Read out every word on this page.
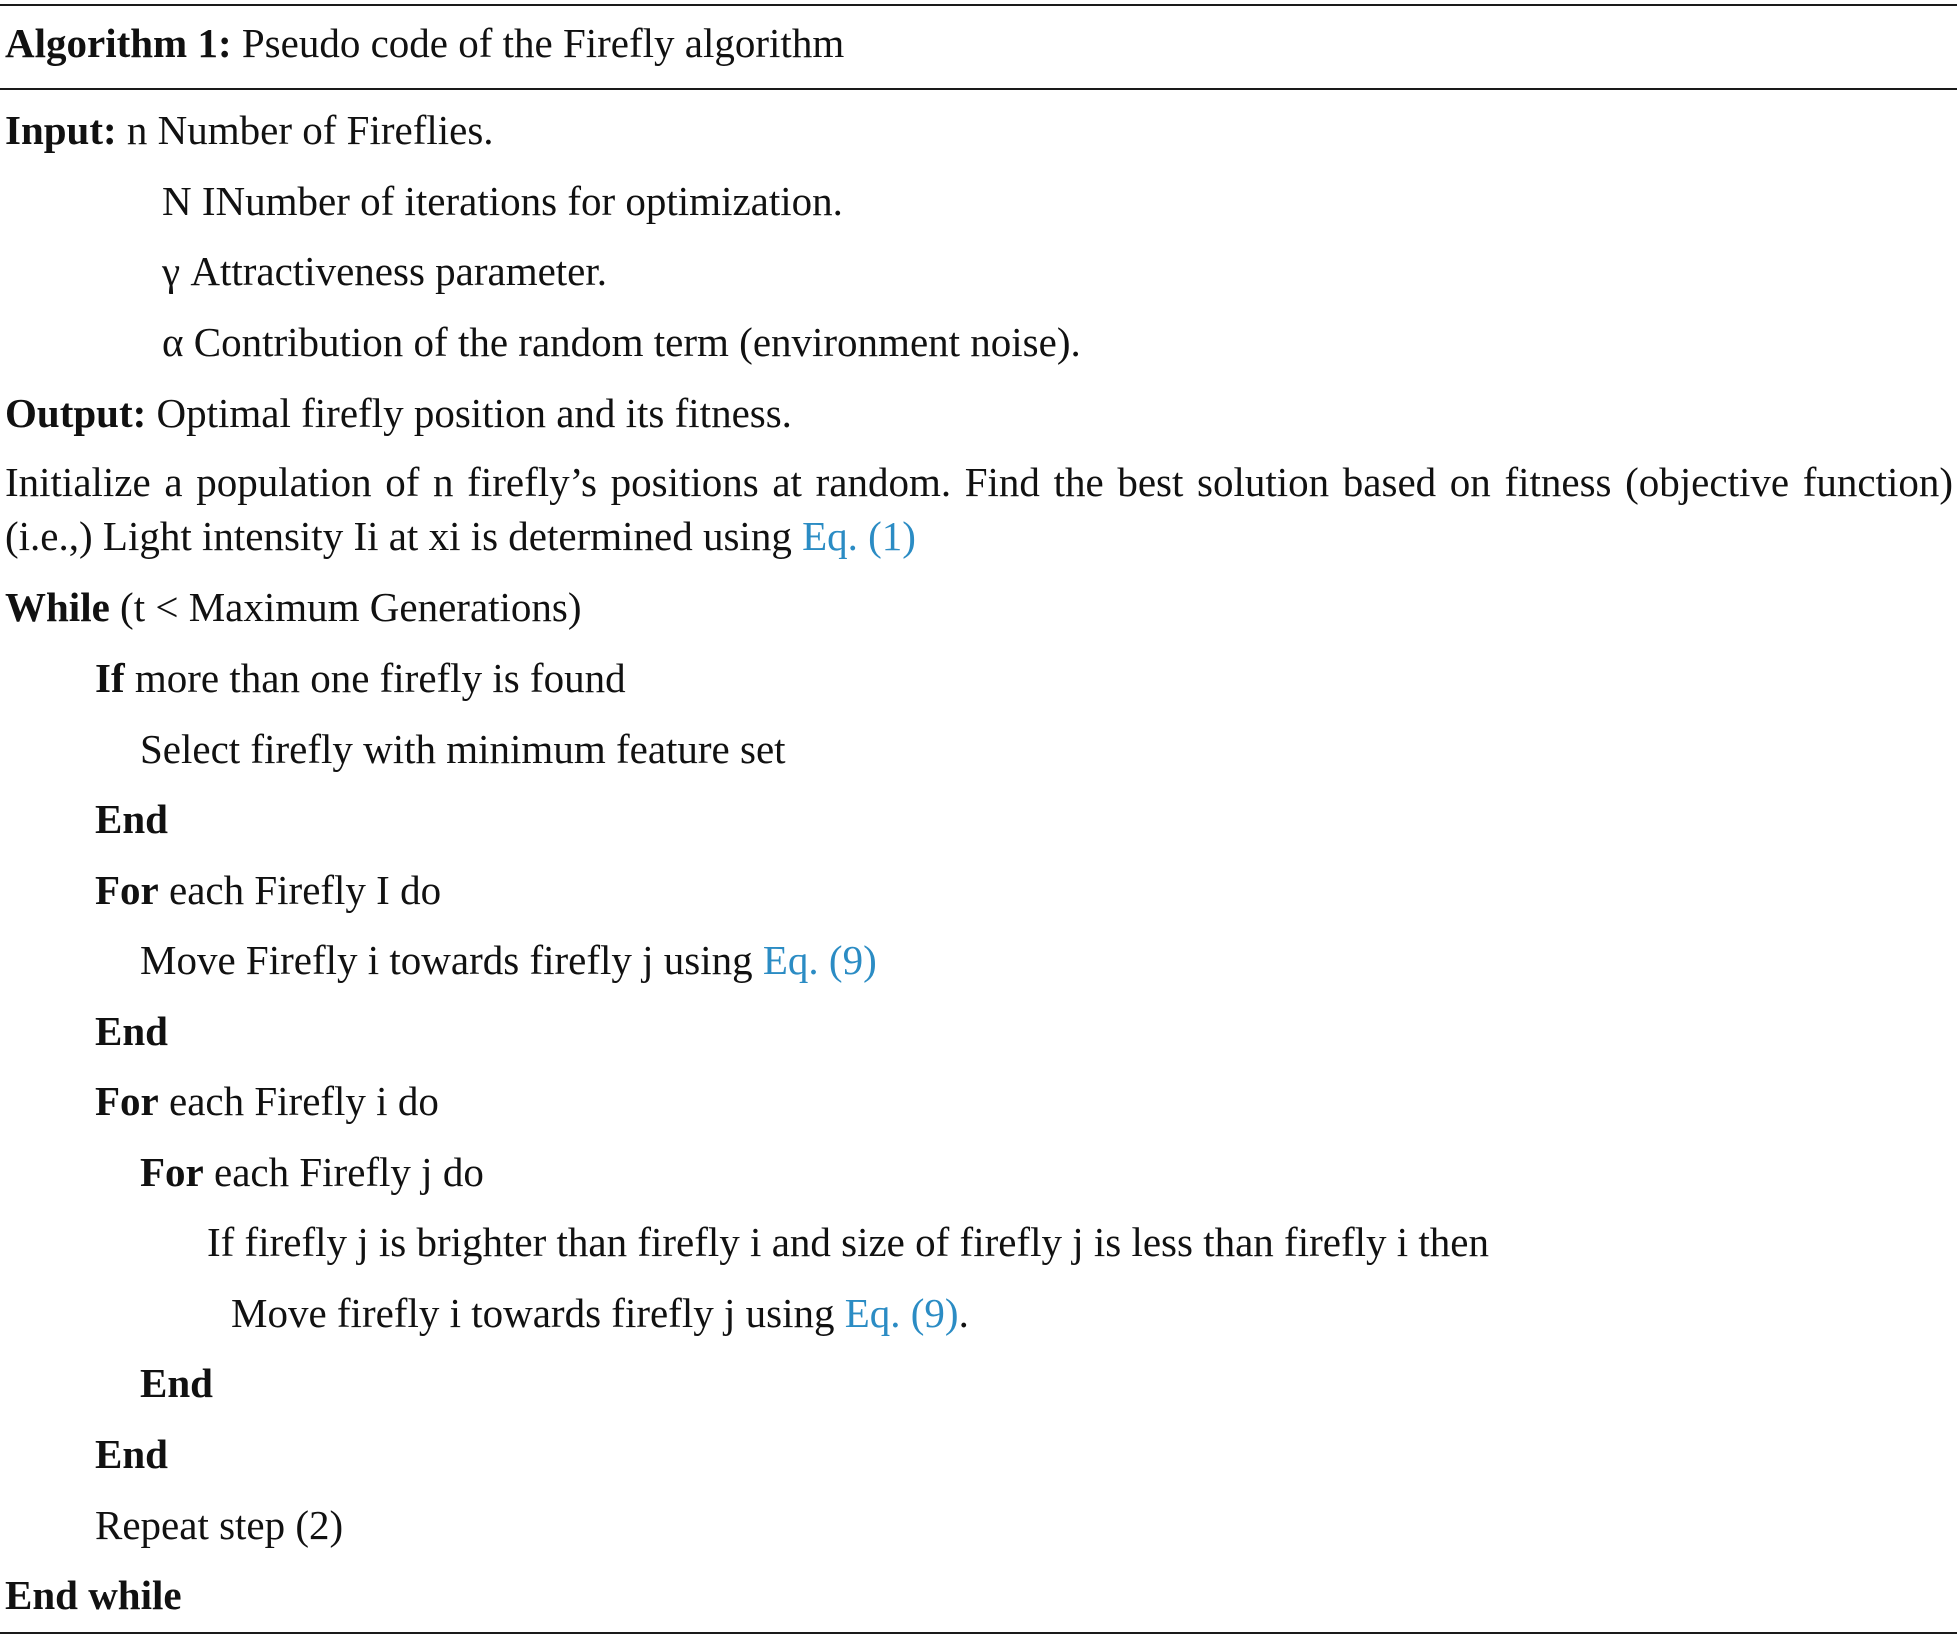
Algorithm 1: Pseudo code of the Firefly algorithm
Input: n Number of Fireflies.
N INumber of iterations for optimization.
γ Attractiveness parameter.
α Contribution of the random term (environment noise).
Output: Optimal firefly position and its fitness.
Initialize a population of n firefly’s positions at random. Find the best solution based on fitness (objective function) (i.e.,) Light intensity Ii at xi is determined using Eq. (1)
While (t < Maximum Generations)
If more than one firefly is found
Select firefly with minimum feature set
End
For each Firefly I do
Move Firefly i towards firefly j using Eq. (9)
End
For each Firefly i do
For each Firefly j do
If firefly j is brighter than firefly i and size of firefly j is less than firefly i then
Move firefly i towards firefly j using Eq. (9).
End
End
Repeat step (2)
End while
